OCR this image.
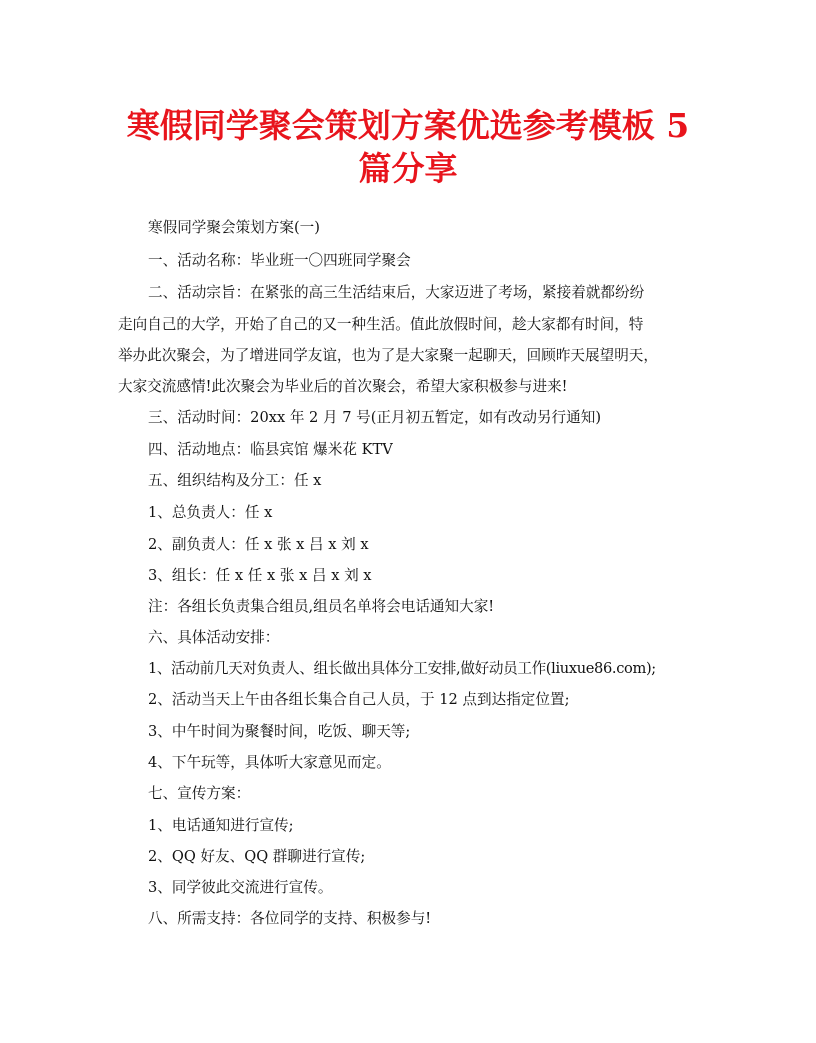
寒假同学聚会策划方案优选参考模板 5
篇分享
寒假同学聚会策划方案(一)
一、活动名称：毕业班一〇四班同学聚会
二、活动宗旨：在紧张的高三生活结束后，大家迈进了考场，紧接着就都纷纷
走向自己的大学，开始了自己的又一种生活。值此放假时间，趁大家都有时间，特
举办此次聚会，为了增进同学友谊，也为了是大家聚一起聊天，回顾昨天展望明天，
大家交流感情!此次聚会为毕业后的首次聚会，希望大家积极参与进来!
三、活动时间：20xx 年 2 月 7 号(正月初五暂定，如有改动另行通知)
四、活动地点：临县宾馆 爆米花 KTV
五、组织结构及分工：任 x
1、总负责人：任 x
2、副负责人：任 x 张 x 吕 x 刘 x
3、组长：任 x 任 x 张 x 吕 x 刘 x
注：各组长负责集合组员,组员名单将会电话通知大家!
六、具体活动安排：
1、活动前几天对负责人、组长做出具体分工安排,做好动员工作(liuxue86.com);
2、活动当天上午由各组长集合自己人员，于 12 点到达指定位置;
3、中午时间为聚餐时间，吃饭、聊天等;
4、下午玩等，具体听大家意见而定。
七、宣传方案：
1、电话通知进行宣传;
2、QQ 好友、QQ 群聊进行宣传;
3、同学彼此交流进行宣传。
八、所需支持：各位同学的支持、积极参与!
